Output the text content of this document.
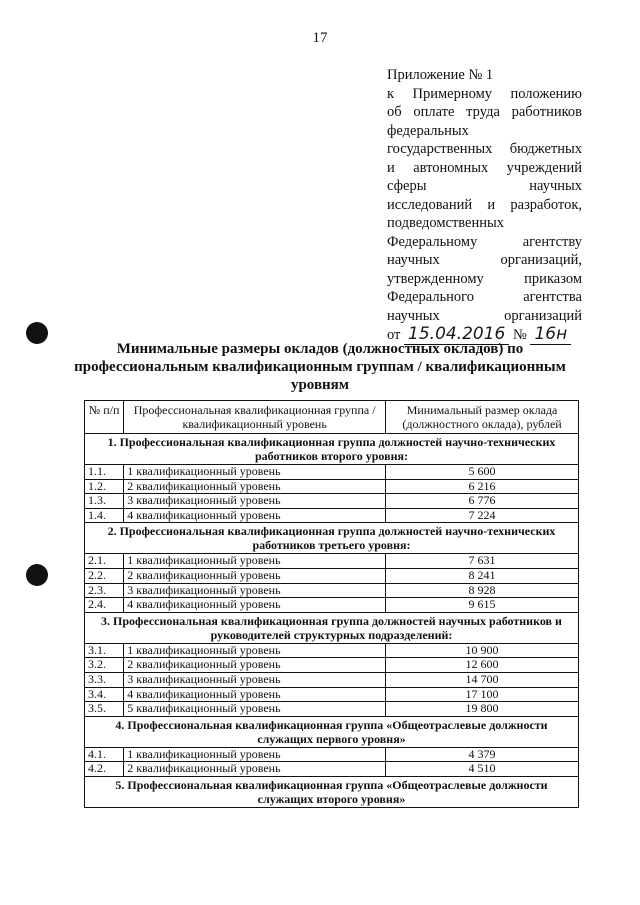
17
Приложение № 1
к Примерному положению
об оплате труда работников
федеральных
государственных бюджетных
и автономных учреждений
сферы научных
исследований и разработок,
подведомственных
Федеральному агентству
научных организаций,
утвержденному приказом
Федерального агентства
научных организаций
от 15.04.2016 № 16н
Минимальные размеры окладов (должностных окладов) по профессиональным квалификационным группам / квалификационным уровням
№ п/п	Профессиональная квалификационная группа / квалификационный уровень	Минимальный размер оклада (должностного оклада), рублей
1. Профессиональная квалификационная группа должностей научно-технических работников второго уровня:		
1.1.	1 квалификационный уровень	5 600
1.2.	2 квалификационный уровень	6 216
1.3.	3 квалификационный уровень	6 776
1.4.	4 квалификационный уровень	7 224
2. Профессиональная квалификационная группа должностей научно-технических работников третьего уровня:		
2.1.	1 квалификационный уровень	7 631
2.2.	2 квалификационный уровень	8 241
2.3.	3 квалификационный уровень	8 928
2.4.	4 квалификационный уровень	9 615
3. Профессиональная квалификационная группа должностей научных работников и руководителей структурных подразделений:		
3.1.	1 квалификационный уровень	10 900
3.2.	2 квалификационный уровень	12 600
3.3.	3 квалификационный уровень	14 700
3.4.	4 квалификационный уровень	17 100
3.5.	5 квалификационный уровень	19 800
4. Профессиональная квалификационная группа «Общеотраслевые должности служащих первого уровня»		
4.1.	1 квалификационный уровень	4 379
4.2.	2 квалификационный уровень	4 510
5. Профессиональная квалификационная группа «Общеотраслевые должности служащих второго уровня»		
